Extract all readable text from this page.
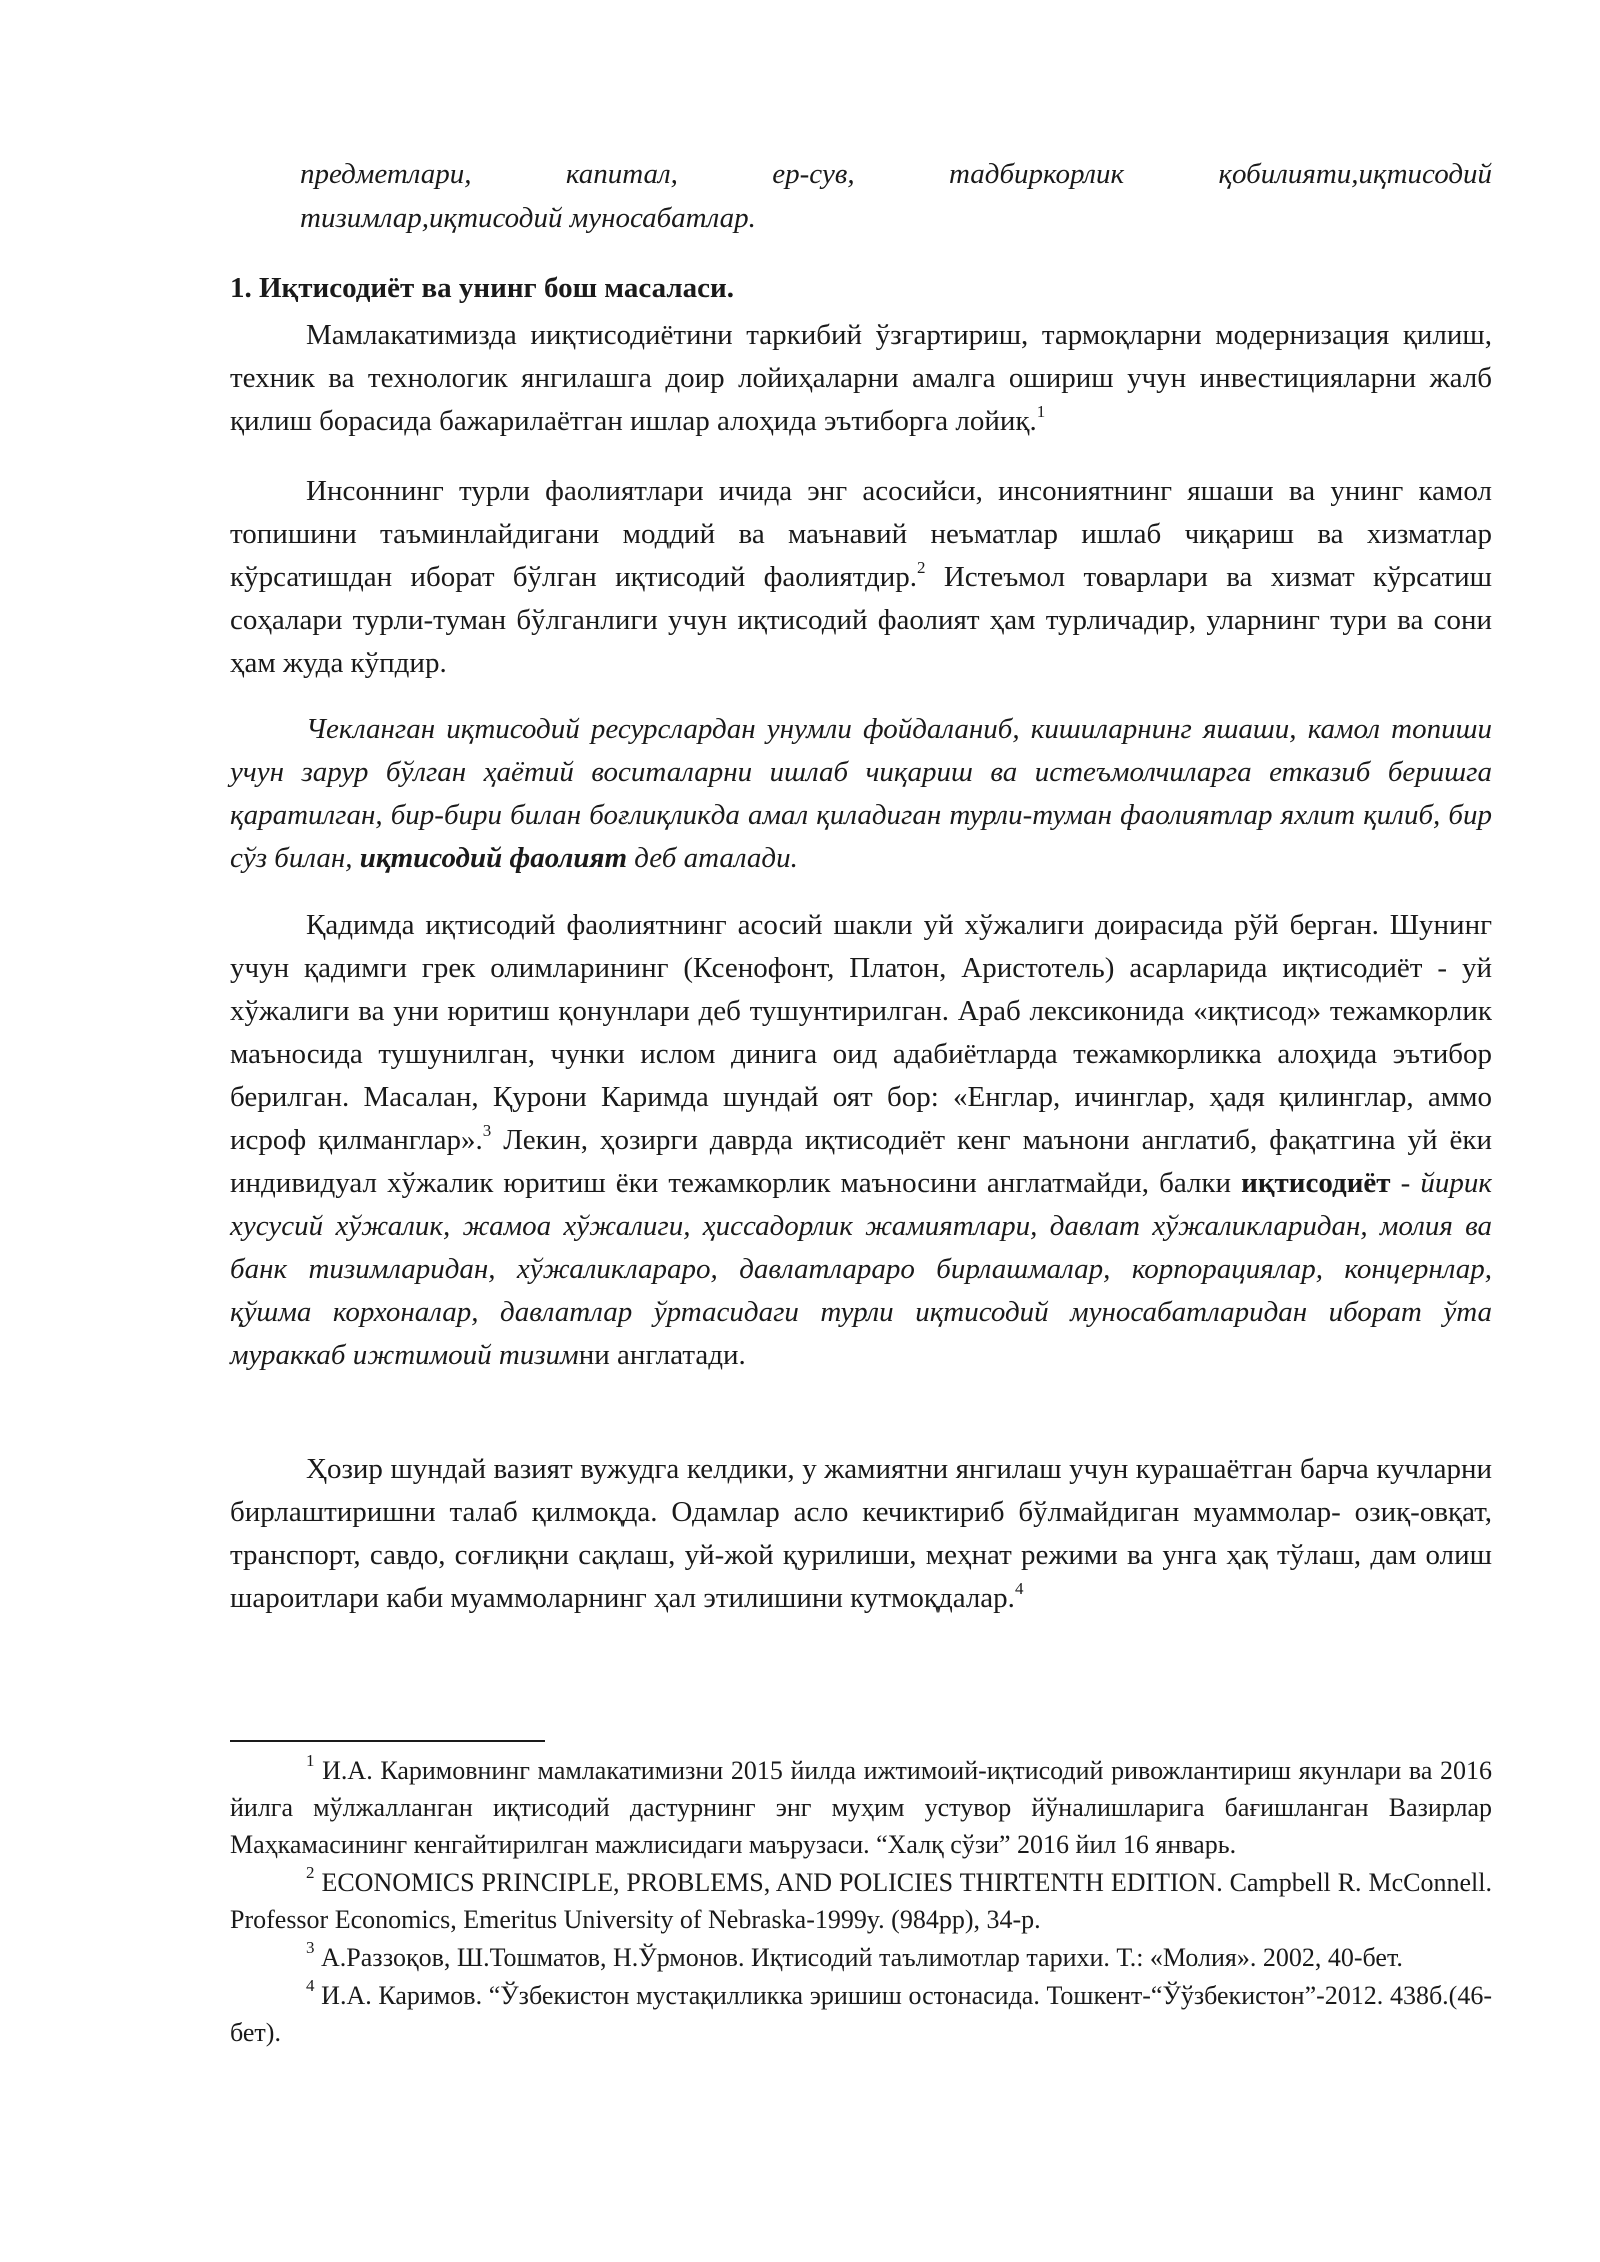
предметлари, капитал, ер-сув, тадбиркорлик қобилияти,иқтисодий
тизимлар,иқтисодий муносабатлар.
1. Иқтисодиёт ва унинг бош масаласи.

Мамлакатимизда ииқтисодиётини таркибий ўзгартириш, тармоқларни модернизация қилиш, техник ва технологик янгилашга доир лойиҳаларни амалга ошириш учун инвестицияларни жалб қилиш борасида бажарилаётган ишлар алоҳида эътиборга лойиқ.$^1$

Инсоннинг турли фаолиятлари ичида энг асосийси, инсониятнинг яшаши ва унинг камол топишини таъминлайдигани моддий ва маънавий неъматлар ишлаб чиқариш ва хизматлар кўрсатишдан иборат бўлган иқтисодий фаолиятдир.$^2$ Истеъмол товарлари ва хизмат кўрсатиш соҳалари турли-туман бўлганлиги учун иқтисодий фаолият ҳам турличадир, уларнинг тури ва сони ҳам жуда кўпдир.

Чекланган иқтисодий ресурслардан унумли фойдаланиб, кишиларнинг яшаши, камол топиши учун зарур бўлган ҳаётий воситаларни ишлаб чиқариш ва истеъмолчиларга етказиб беришга қаратилган, бир-бири билан боғлиқликда амал қиладиган турли-туман фаолиятлар яхлит қилиб, бир сўз билан, иқтисодий фаолият деб аталади.

Қадимда иқтисодий фаолиятнинг асосий шакли уй хўжалиги доирасида рўй берган. Шунинг учун қадимги грек олимларининг (Ксенофонт, Платон, Аристотель) асарларида иқтисодиёт - уй хўжалиги ва уни юритиш қонунлари деб тушунтирилган. Араб лексиконида «иқтисод» тежамкорлик маъносида тушунилган, чунки ислом динига оид адабиётларда тежамкорликка алоҳида эътибор берилган. Масалан, Қурони Каримда шундай оят бор: «Енглар, ичинглар, ҳадя қилинглар, аммо исроф қилманглар».$^3$ Лекин, ҳозирги даврда иқтисодиёт кенг маънони англатиб, фақатгина уй ёки индивидуал хўжалик юритиш ёки тежамкорлик маъносини англатмайди, балки иқтисодиёт - йирик хусусий хўжалик, жамоа хўжалиги, ҳиссадорлик жамиятлари, давлат хўжаликларидан, молия ва банк тизимларидан, хўжаликлараро, давлатлараро бирлашмалар, корпорациялар, концернлар, қўшма корхоналар, давлатлар ўртасидаги турли иқтисодий муносабатларидан иборат ўта мураккаб ижтимоий тизимни англатади.

Ҳозир шундай вазият вужудга келдики, у жамиятни янгилаш учун курашаётган барча кучларни бирлаштиришни талаб қилмоқда. Одамлар асло кечиктириб бўлмайдиган муаммолар- озиқ-овқат, транспорт, савдо, соғлиқни сақлаш, уй-жой қурилиши, меҳнат режими ва унга ҳақ тўлаш, дам олиш шароитлари каби муаммоларнинг ҳал этилишини кутмоқдалар.$^4$

$^1$ И.А. Каримовнинг мамлакатимизни 2015 йилда ижтимоий-иқтисодий ривожлантириш якунлари ва 2016 йилга мўлжалланган иқтисодий дастурнинг энг муҳим устувор йўналишларига бағишланган Вазирлар Маҳкамасининг кенгайтирилган мажлисидаги маърузаси. “Халқ сўзи” 2016 йил 16 январь.

$^2$ ECONOMICS PRINCIPLE, PROBLEMS, AND POLICIES THIRTENTH EDITION. Campbell R. McConnell. Professor Economics, Emeritus University of Nebraska-1999y. (984pp), 34-p.

$^3$ А.Раззоқов, Ш.Тошматов, Н.Ўрмонов. Иқтисодий таълимотлар тарихи. Т.: «Молия». 2002, 40-бет.

$^4$ И.А. Каримов. “Ўзбекистон мустақилликка эришиш остонасида. Тошкент-“Ўўзбекистон”-2012. 438б.(46-бет).
